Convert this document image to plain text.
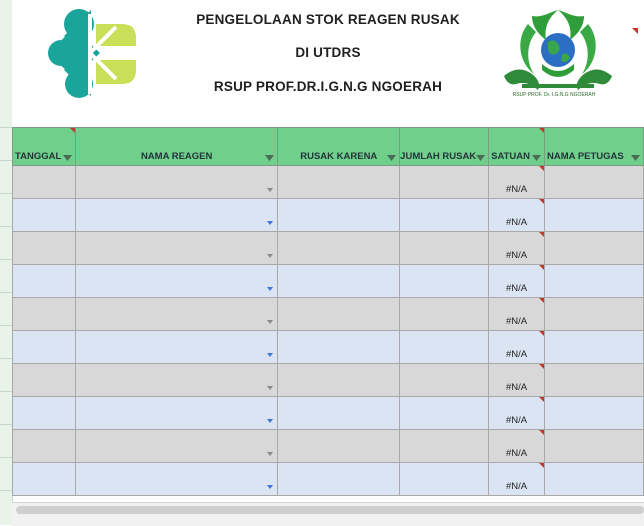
RSUP PROF. Dr. I.G.N.G NGOERAH
PENGELOLAAN STOK REAGEN RUSAK
DI UTDRS
RSUP PROF.DR.I.G.N.G NGOERAH
TANGGAL	NAMA REAGEN	RUSAK KARENA	JUMLAH RUSAK	SATUAN	NAMA PETUGAS

				#N/A	

				#N/A	

				#N/A	

				#N/A	

				#N/A	

				#N/A	

				#N/A	

				#N/A	

				#N/A	

				#N/A	
